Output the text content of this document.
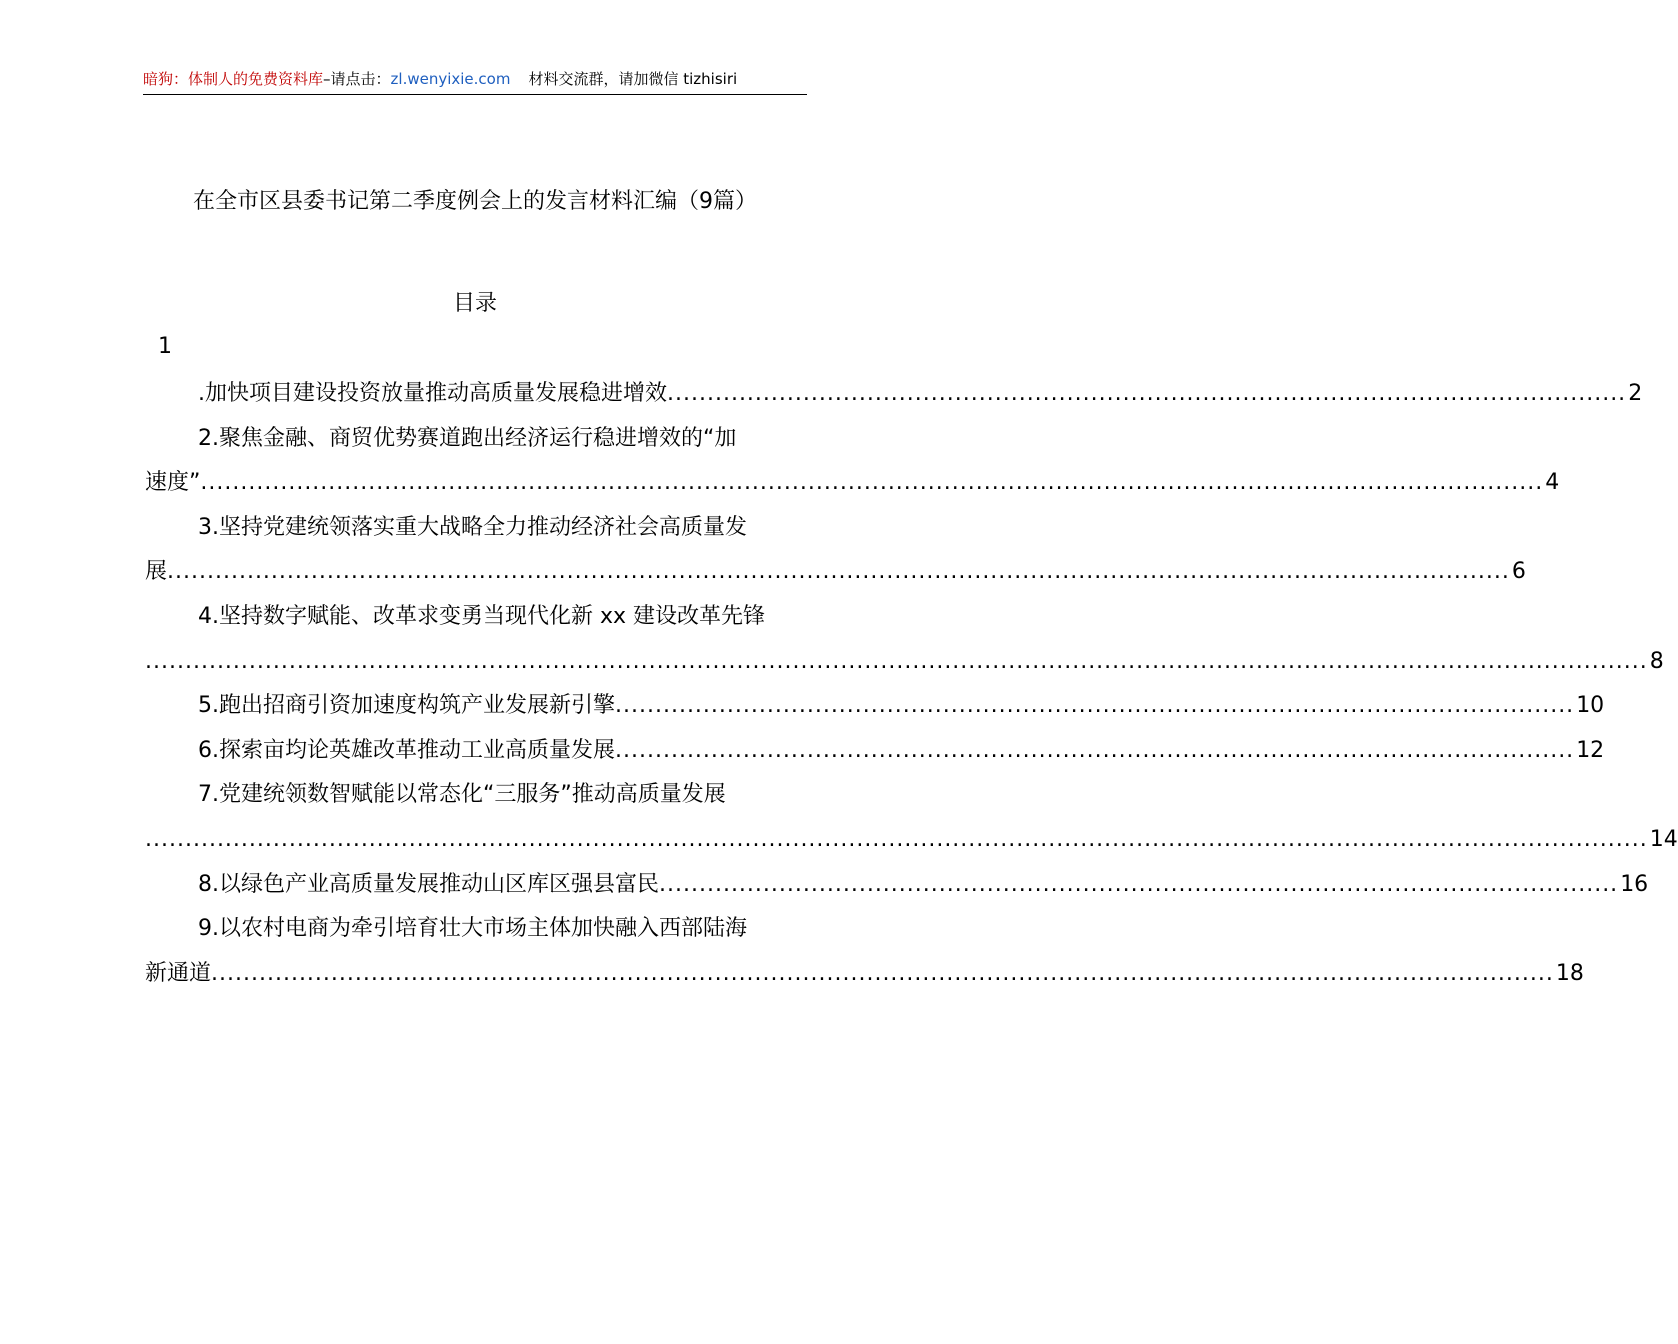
暗狗：体制人的免费资料库–请点击：zl.wenyixie.com 材料交流群，请加微信 tizhisiri
在全市区县委书记第二季度例会上的发言材料汇编（9篇）
目录
1
.加快项目建设投资放量推动高质量发展稳进增效 ........................................................................................................................ 2
2.聚焦金融、商贸优势赛道跑出经济运行稳进增效的“加
速度” ........................................................................................................................................................................ 4
3.坚持党建统领落实重大战略全力推动经济社会高质量发
展 ........................................................................................................................................................................ 6
4.坚持数字赋能、改革求变勇当现代化新 xx 建设改革先锋
............................................................................................................................................................................................ 8
5.跑出招商引资加速度构筑产业发展新引擎 ........................................................................................................................ 10
6.探索亩均论英雄改革推动工业高质量发展 ........................................................................................................................ 12
7.党建统领数智赋能以常态化“三服务”推动高质量发展
............................................................................................................................................................................................ 14
8.以绿色产业高质量发展推动山区库区强县富民 ........................................................................................................................ 16
9.以农村电商为牵引培育壮大市场主体加快融入西部陆海
新通道 ........................................................................................................................................................................ 18
